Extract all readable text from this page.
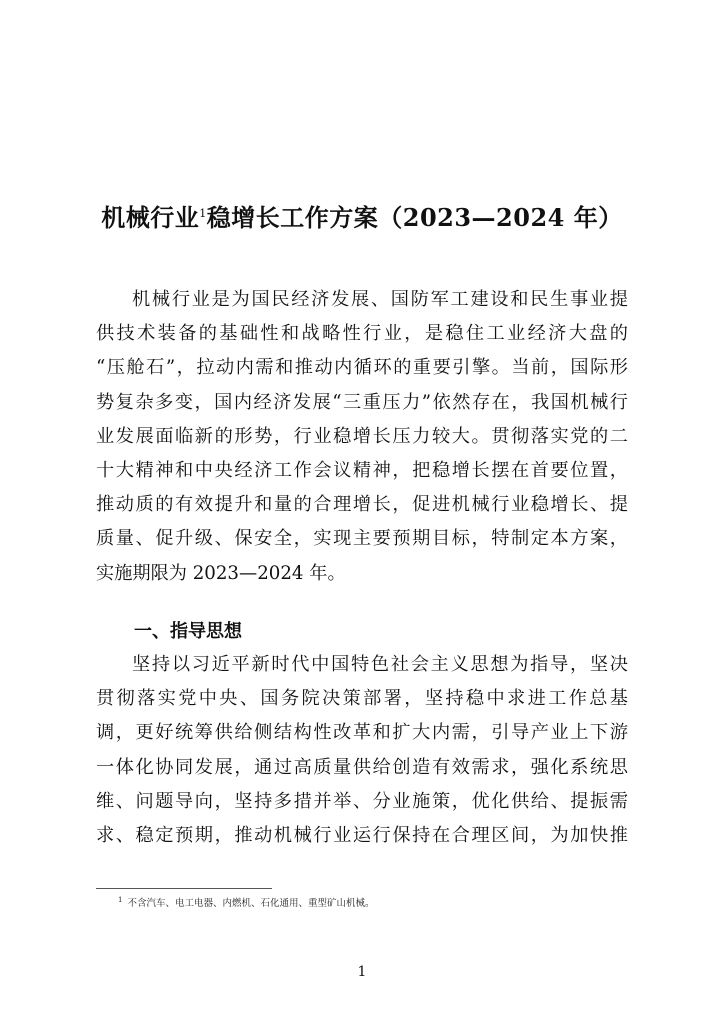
机械行业$^1$稳增长工作方案（2023—2024 年）
机械行业是为国民经济发展、国防军工建设和民生事业提
供技术装备的基础性和战略性行业，是稳住工业经济大盘的
“压舱石”，拉动内需和推动内循环的重要引擎。当前，国际形
势复杂多变，国内经济发展“三重压力”依然存在，我国机械行
业发展面临新的形势，行业稳增长压力较大。贯彻落实党的二
十大精神和中央经济工作会议精神，把稳增长摆在首要位置，
推动质的有效提升和量的合理增长，促进机械行业稳增长、提
质量、促升级、保安全，实现主要预期目标，特制定本方案，
实施期限为 2023—2024 年。
一、指导思想
坚持以习近平新时代中国特色社会主义思想为指导，坚决
贯彻落实党中央、国务院决策部署，坚持稳中求进工作总基
调，更好统筹供给侧结构性改革和扩大内需，引导产业上下游
一体化协同发展，通过高质量供给创造有效需求，强化系统思
维、问题导向，坚持多措并举、分业施策，优化供给、提振需
求、稳定预期，推动机械行业运行保持在合理区间，为加快推
$^1$ 不含汽车、电工电器、内燃机、石化通用、重型矿山机械。
1
